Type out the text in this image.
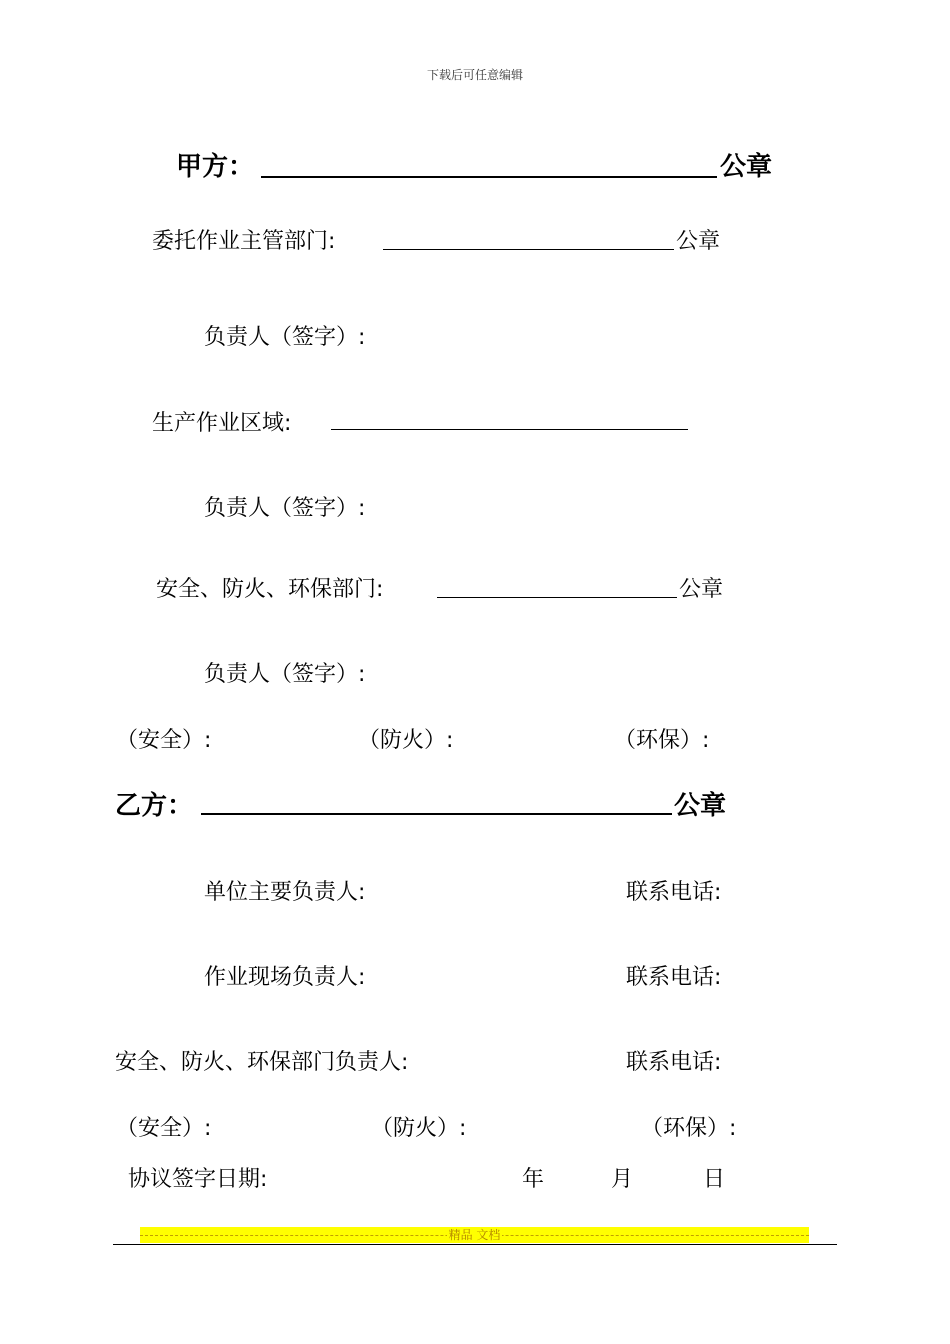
下载后可任意编辑
甲方：	公章
委托作业主管部门:	公章
负责人（签字）:
生产作业区域:
负责人（签字）:
安全、防火、环保部门:	公章
负责人（签字）:
（安全）:	（防火）:	（环保）:
乙方：	公章
单位主要负责人:	联系电话:
作业现场负责人:	联系电话:
安全、防火、环保部门负责人:	联系电话:
（安全）:	（防火）:	（环保）:
协议签字日期:	年	月	日
精品 文档
